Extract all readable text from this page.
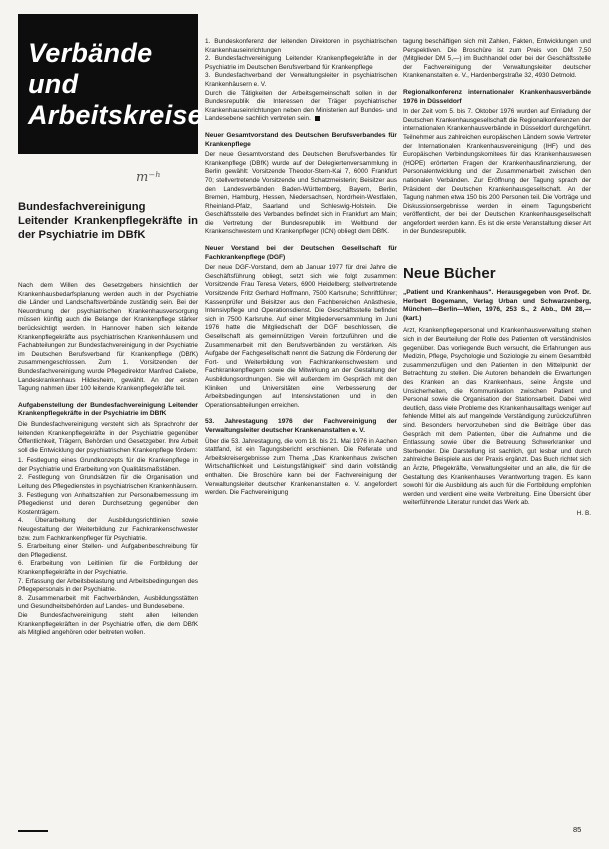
Verbände und Arbeitskreise
m⁻ʰ
Bundesfachvereinigung Leitender Krankenpflegekräfte in der Psychiatrie im DBfK

Nach dem Willen des Gesetzgebers hinsichtlich der Krankenhausbedarfsplanung werden auch in der Psychiatrie die Länder und Landschaftsverbände zuständig sein. Bei der Neuordnung der psychiatrischen Krankenhausversorgung müssen künftig auch die Belange der Krankenpflege stärker berücksichtigt werden. In Hannover haben sich leitende Krankenpflegekräfte aus psychiatrischen Krankenhäusern und Fachabteilungen zur Bundesfachvereinigung in der Psychiatrie im Deutschen Berufsverband für Krankenpflege (DBfK) zusammengeschlossen. Zum 1. Vorsitzenden der Bundesfachvereinigung wurde Pflegedirektor Manfred Caliebe, Landeskrankenhaus Hildesheim, gewählt. An der ersten Tagung nahmen über 100 leitende Krankenpflegekräfte teil.

Aufgabenstellung der Bundesfachvereinigung Leitender Krankenpflegekräfte in der Psychiatrie im DBfK

Die Bundesfachvereinigung versteht sich als Sprachrohr der leitenden Krankenpflegekräfte in der Psychiatrie gegenüber Öffentlichkeit, Trägern, Behörden und Gesetzgeber. Ihre Arbeit soll die Entwicklung der psychiatrischen Krankenpflege fördern:

1. Festlegung eines Grundkonzepts für die Krankenpflege in der Psychiatrie und Erarbeitung von Qualitätsmaßstäben.

2. Festlegung von Grundsätzen für die Organisation und Leitung des Pflegedienstes in psychiatrischen Krankenhäusern.

3. Festlegung von Anhaltszahlen zur Personalbemessung im Pflegedienst und deren Durchsetzung gegenüber den Kostenträgern.

4. Überarbeitung der Ausbildungsrichtlinien sowie Neugestaltung der Weiterbildung zur Fachkrankenschwester bzw. zum Fachkrankenpfleger für Psychiatrie.

5. Erarbeitung einer Stellen- und Aufgabenbeschreibung für den Pflegedienst.

6. Erarbeitung von Leitlinien für die Fortbildung der Krankenpflegekräfte in der Psychiatrie.

7. Erfassung der Arbeitsbelastung und Arbeitsbedingungen des Pflegepersonals in der Psychiatrie.

8. Zusammenarbeit mit Fachverbänden, Ausbildungsstätten und Gesundheitsbehörden auf Landes- und Bundesebene.

Die Bundesfachvereinigung steht allen leitenden Krankenpflegekräften in der Psychiatrie offen, die dem DBfK als Mitglied angehören oder beitreten wollen.

1. Bundeskonferenz der leitenden Direktoren in psychiatrischen Krankenhauseinrichtungen

2. Bundesfachvereinigung Leitender Krankenpflegekräfte in der Psychiatrie im Deutschen Berufsverband für Krankenpflege

3. Bundesfachverband der Verwaltungsleiter in psychiatrischen Krankenhäusern e. V.

Durch die Tätigkeiten der Arbeitsgemeinschaft sollen in der Bundesrepublik die Interessen der Träger psychiatrischer Krankenhauseinrichtungen neben den Ministerien auf Bundes- und Landesebene sachlich vertreten sein.

Neuer Gesamtvorstand des Deutschen Berufsverbandes für Krankenpflege

Der neue Gesamtvorstand des Deutschen Berufsverbandes für Krankenpflege (DBfK) wurde auf der Delegiertenversammlung in Berlin gewählt: Vorsitzende Theodor-Stern-Kai 7, 6000 Frankfurt 70; stellvertretende Vorsitzende und Schatzmeisterin; Beisitzer aus den Landesverbänden Baden-Württemberg, Bayern, Berlin, Bremen, Hamburg, Hessen, Niedersachsen, Nordrhein-Westfalen, Rheinland-Pfalz, Saarland und Schleswig-Holstein. Die Geschäftsstelle des Verbandes befindet sich in Frankfurt am Main; die Vertretung der Bundesrepublik im Weltbund der Krankenschwestern und Krankenpfleger (ICN) obliegt dem DBfK.

Neuer Vorstand bei der Deutschen Gesellschaft für Fachkrankenpflege (DGF)

Der neue DGF-Vorstand, dem ab Januar 1977 für drei Jahre die Geschäftsführung obliegt, setzt sich wie folgt zusammen: Vorsitzende Frau Teresa Veters, 6900 Heidelberg; stellvertretende Vorsitzende Fritz Gerhard Hoffmann, 7500 Karlsruhe; Schriftführer; Kassenprüfer und Beisitzer aus den Fachbereichen Anästhesie, Intensivpflege und Operationsdienst. Die Geschäftsstelle befindet sich in 7500 Karlsruhe. Auf einer Mitgliederversammlung im Juni 1976 hatte die Mitgliedschaft der DGF beschlossen, die Gesellschaft als gemeinnützigen Verein fortzuführen und die Zusammenarbeit mit den Berufsverbänden zu verstärken. Als Aufgabe der Fachgesellschaft nennt die Satzung die Förderung der Fort- und Weiterbildung von Fachkrankenschwestern und Fachkrankenpflegern sowie die Mitwirkung an der Gestaltung der Ausbildungsordnungen. Sie will außerdem im Gespräch mit den Kliniken und Universitäten eine Verbesserung der Arbeitsbedingungen auf Intensivstationen und in den Operationsabteilungen erreichen.

53. Jahrestagung 1976 der Fachvereinigung der Verwaltungsleiter deutscher Krankenanstalten e. V.

Über die 53. Jahrestagung, die vom 18. bis 21. Mai 1976 in Aachen stattfand, ist ein Tagungsbericht erschienen. Die Referate und Arbeitskreisergebnisse zum Thema „Das Krankenhaus zwischen Wirtschaftlichkeit und Leistungsfähigkeit" sind darin vollständig enthalten. Die Broschüre kann bei der Fachvereinigung der Verwaltungsleiter deutscher Krankenanstalten e. V. angefordert werden. Die Fachvereinigung

tagung beschäftigen sich mit Zahlen, Fakten, Entwicklungen und Perspektiven. Die Broschüre ist zum Preis von DM 7,50 (Mitglieder DM 5,—) im Buchhandel oder bei der Geschäftsstelle der Fachvereinigung der Verwaltungsleiter deutscher Krankenanstalten e. V., Hardenbergstraße 32, 4930 Detmold.

Regionalkonferenz internationaler Krankenhausverbände 1976 in Düsseldorf

In der Zeit vom 5. bis 7. Oktober 1976 wurden auf Einladung der Deutschen Krankenhausgesellschaft die Regionalkonferenzen der internationalen Krankenhausverbände in Düsseldorf durchgeführt. Teilnehmer aus zahlreichen europäischen Ländern sowie Vertreter der Internationalen Krankenhausvereinigung (IHF) und des Europäischen Verbindungskomitees für das Krankenhauswesen (HOPE) erörterten Fragen der Krankenhausfinanzierung, der Personalentwicklung und der Zusammenarbeit zwischen den nationalen Verbänden. Zur Eröffnung der Tagung sprach der Präsident der Deutschen Krankenhausgesellschaft. An der Tagung nahmen etwa 150 bis 200 Personen teil. Die Vorträge und Diskussionsergebnisse werden in einem Tagungsbericht veröffentlicht, der bei der Deutschen Krankenhausgesellschaft angefordert werden kann. Es ist die erste Veranstaltung dieser Art in der Bundesrepublik.

Neue Bücher
„Patient und Krankenhaus". Herausgegeben von Prof. Dr. Herbert Bogemann, Verlag Urban und Schwarzenberg, München—Berlin—Wien, 1976, 253 S., 2 Abb., DM 28,— (kart.)

Arzt, Krankenpflegepersonal und Krankenhausverwaltung stehen sich in der Beurteilung der Rolle des Patienten oft verständnislos gegenüber. Das vorliegende Buch versucht, die Erfahrungen aus Medizin, Pflege, Psychologie und Soziologie zu einem Gesamtbild zusammenzufügen und den Patienten in den Mittelpunkt der Betrachtung zu stellen. Die Autoren behandeln die Erwartungen des Kranken an das Krankenhaus, seine Ängste und Unsicherheiten, die Kommunikation zwischen Patient und Personal sowie die Organisation der Stationsarbeit. Dabei wird deutlich, dass viele Probleme des Krankenhausalltags weniger auf fehlende Mittel als auf mangelnde Verständigung zurückzuführen sind. Besonders hervorzuheben sind die Beiträge über das Gespräch mit dem Patienten, über die Aufnahme und die Entlassung sowie über die Betreuung Schwerkranker und Sterbender. Die Darstellung ist sachlich, gut lesbar und durch zahlreiche Beispiele aus der Praxis ergänzt. Das Buch richtet sich an Ärzte, Pflegekräfte, Verwaltungsleiter und an alle, die für die Gestaltung des Krankenhauses Verantwortung tragen. Es kann sowohl für die Ausbildung als auch für die Fortbildung empfohlen werden und verdient eine weite Verbreitung. Eine Übersicht über weiterführende Literatur rundet das Werk ab.

H. B.

85
